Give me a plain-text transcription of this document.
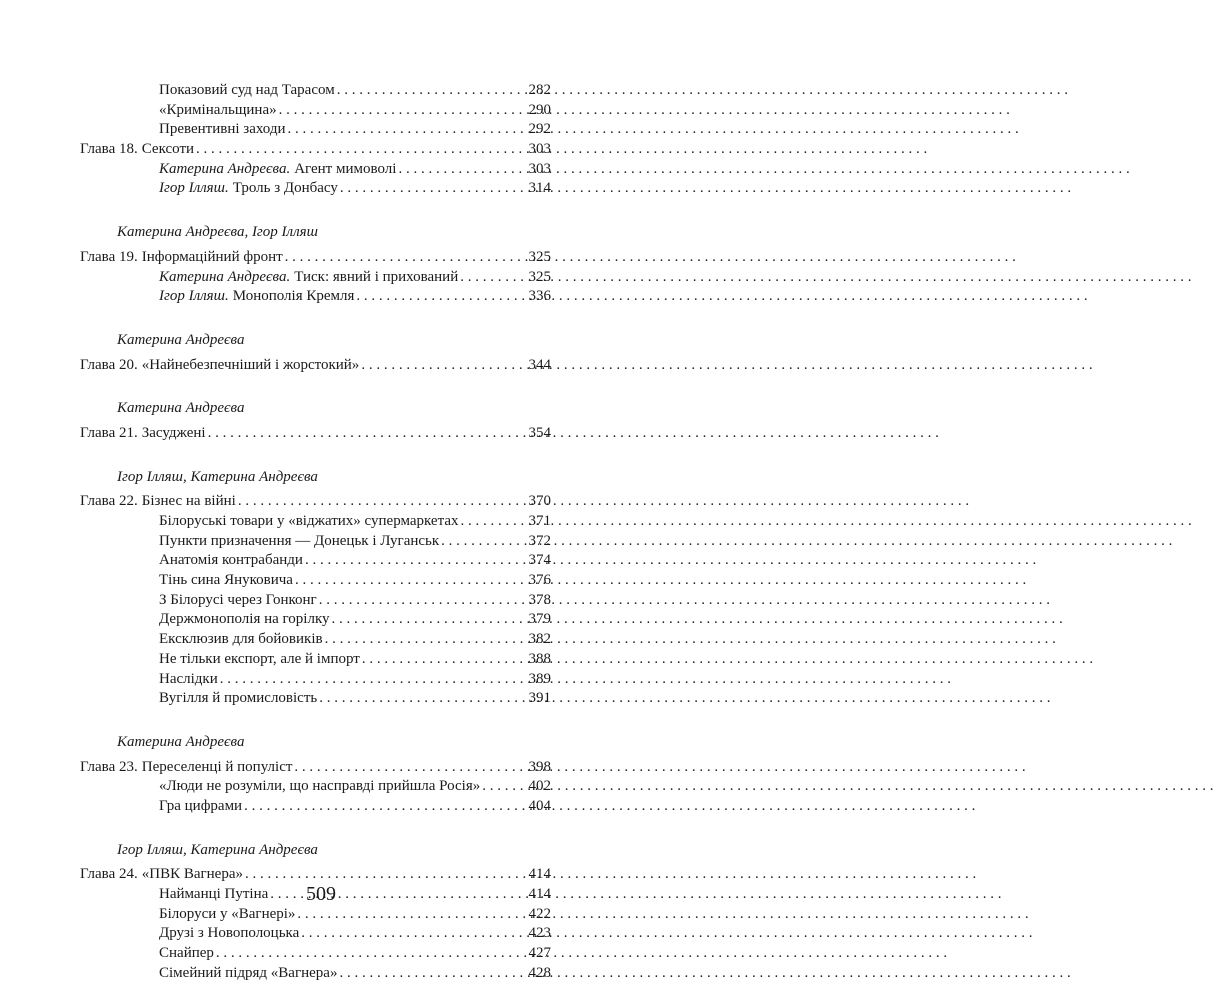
Показовий суд над Тарасом . . .	282
«Кримінальщина» . . .	290
Превентивні заходи . . .	292
Глава 18. Сексоти . . .	303
Катерина Андреєва. Агент мимоволі . . .	303
Ігор Ілляш. Троль з Донбасу . . .	314
Катерина Андреєва, Ігор Ілляш
Глава 19. Інформаційний фронт . . .	325
Катерина Андреєва. Тиск: явний і прихований . . .	325
Ігор Ілляш. Монополія Кремля . . .	336
Катерина Андреєва
Глава 20. «Найнебезпечніший і жорстокий» . . .	344
Катерина Андреєва
Глава 21. Засуджені . . .	354
Ігор Ілляш, Катерина Андреєва
Глава 22. Бізнес на війні . . .	370
Білоруські товари у «віджатих» супермаркетах . . .	371
Пункти призначення — Донецьк і Луганськ . . .	372
Анатомія контрабанди . . .	374
Тінь сина Януковича . . .	376
З Білорусі через Гонконг . . .	378
Держмонополія на горілку . . .	379
Ексклюзив для бойовиків . . .	382
Не тільки експорт, але й імпорт . . .	388
Наслідки . . .	389
Вугілля й промисловість . . .	391
Катерина Андреєва
Глава 23. Переселенці й популіст . . .	398
«Люди не розуміли, що насправді прийшла Росія» . . .	402
Гра цифрами . . .	404
Ігор Ілляш, Катерина Андреєва
Глава 24. «ПВК Вагнера» . . .	414
Найманці Путіна . . .	414
Білоруси у «Вагнері» . . .	422
Друзі з Новополоцька . . .	423
Снайпер . . .	427
Сімейний підряд «Вагнера» . . .	428
509
